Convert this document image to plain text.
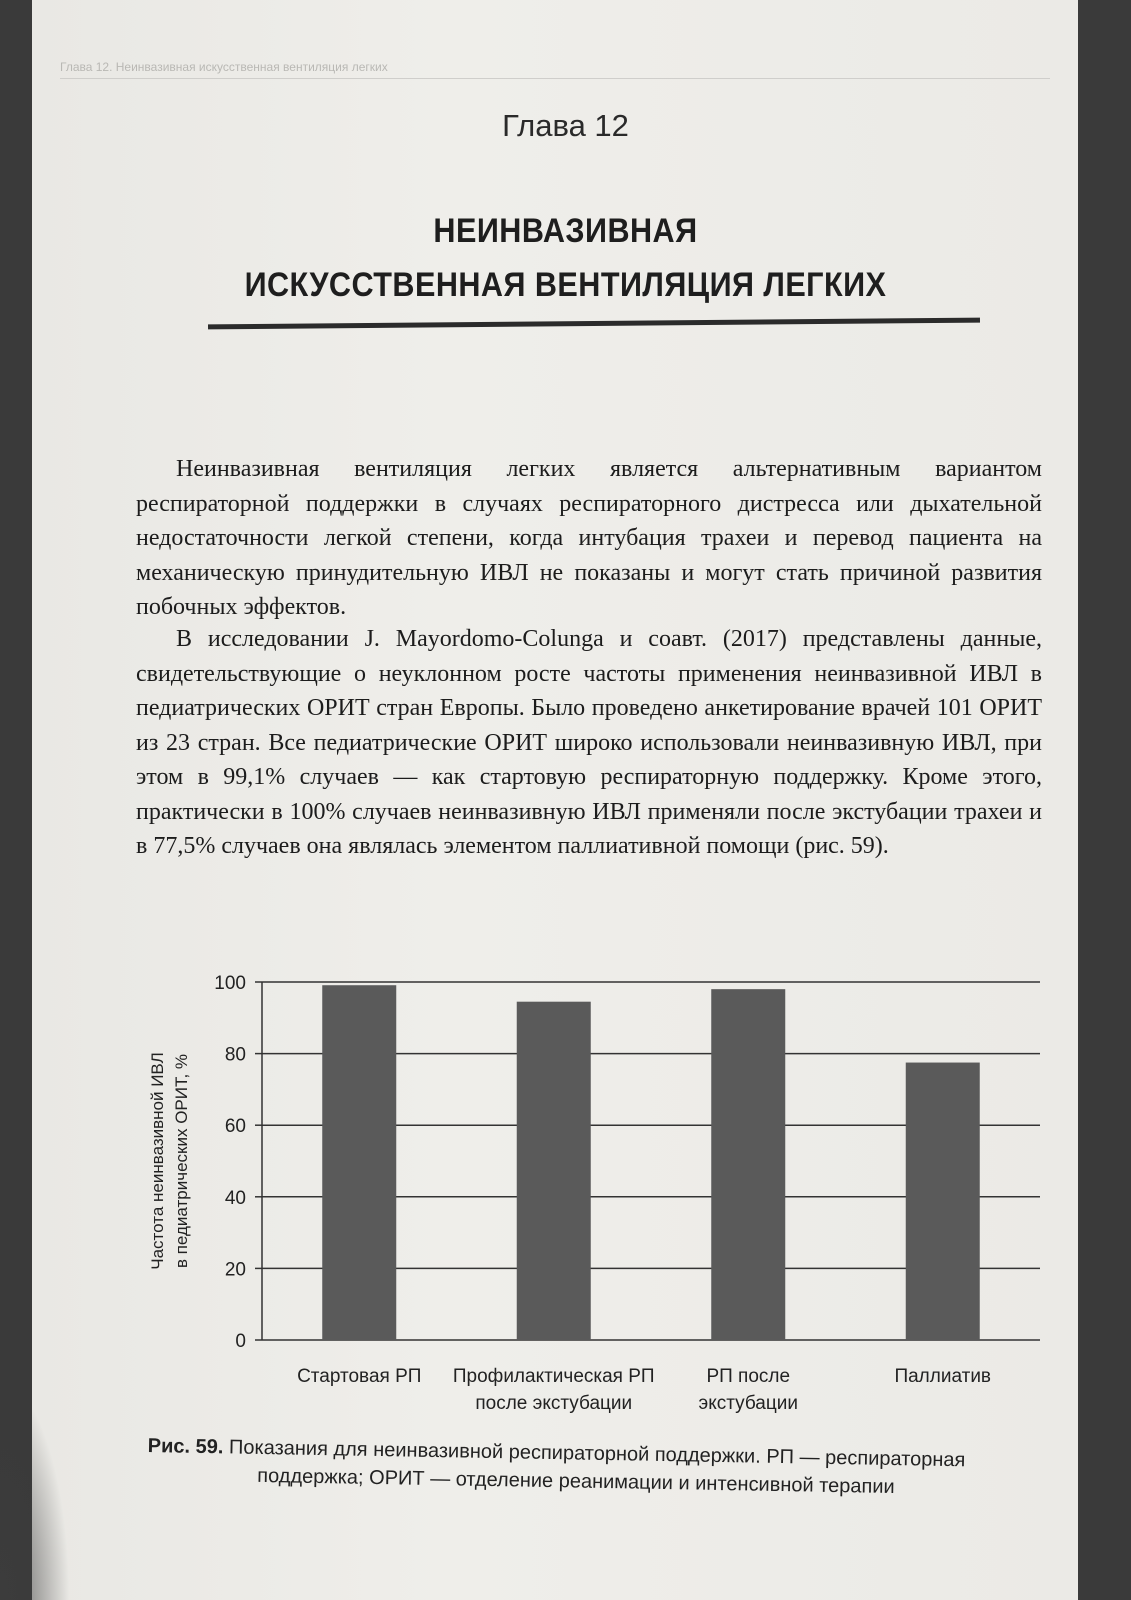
Глава 12. Неинвазивная искусственная вентиляция легких
Глава 12
НЕИНВАЗИВНАЯ
ИСКУССТВЕННАЯ ВЕНТИЛЯЦИЯ ЛЕГКИХ

Неинвазивная вентиляция легких является альтернативным вариантом респираторной поддержки в случаях респираторного дистресса или дыхательной недостаточности легкой степени, когда интубация трахеи и перевод пациента на механическую принудительную ИВЛ не показаны и могут стать причиной развития побочных эффектов.

В исследовании J. Mayordomo-Colunga и соавт. (2017) представлены данные, свидетельствующие о неуклонном росте частоты применения неинвазивной ИВЛ в педиатрических ОРИТ стран Европы. Было проведено анкетирование врачей 101 ОРИТ из 23 стран. Все педиатрические ОРИТ широко использовали неинвазивную ИВЛ, при этом в 99,1% случаев — как стартовую респираторную поддержку. Кроме этого, практически в 100% случаев неинвазивную ИВЛ применяли после экстубации трахеи и в 77,5% случаев она являлась элементом паллиативной помощи (рис. 59).

0
20
40
60
80
100
Стартовая РП Профилактическая РП после экстубации
РП после экстубации
Паллиатив
Частота неинвазивной ИВЛ в педиатрических ОРИТ, %
Рис. 59. Показания для неинвазивной респираторной поддержки. РП — респираторная
поддержка; ОРИТ — отделение реанимации и интенсивной терапии
